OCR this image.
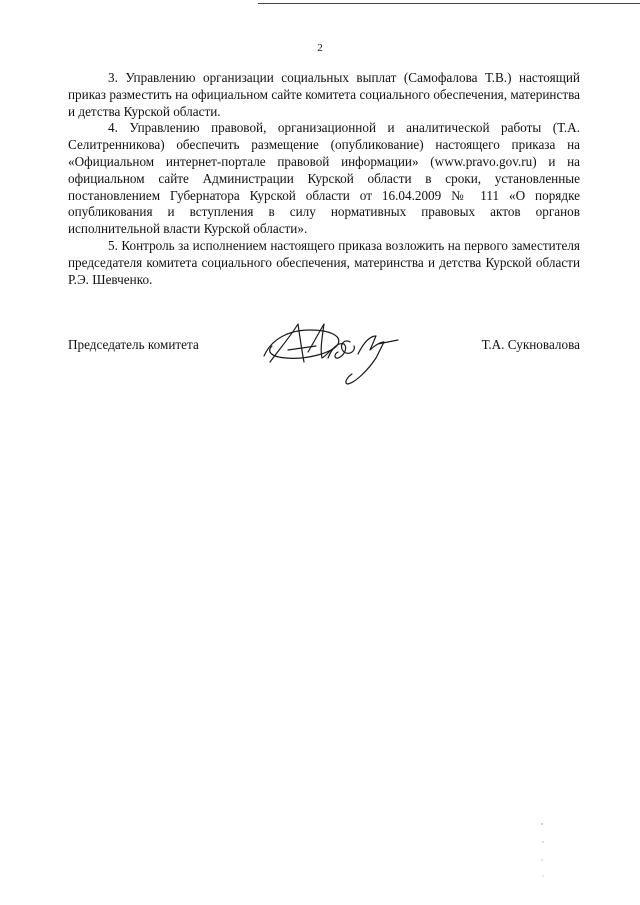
2

3. Управлению организации социальных выплат (Самофалова Т.В.) настоящий приказ разместить на официальном сайте комитета социального обеспечения, материнства и детства Курской области.

4. Управлению правовой, организационной и аналитической работы (Т.А. Селитренникова) обеспечить размещение (опубликование) настоящего приказа на «Официальном интернет-портале правовой информации» (www.pravo.gov.ru) и на официальном сайте Администрации Курской области в сроки, установленные постановлением Губернатора Курской области от 16.04.2009 № 111 «О порядке опубликования и вступления в силу нормативных правовых актов органов исполнительной власти Курской области».

5. Контроль за исполнением настоящего приказа возложить на первого заместителя председателя комитета социального обеспечения, материнства и детства Курской области Р.Э. Шевченко.

Председатель комитета	Т.А. Сукновалова
